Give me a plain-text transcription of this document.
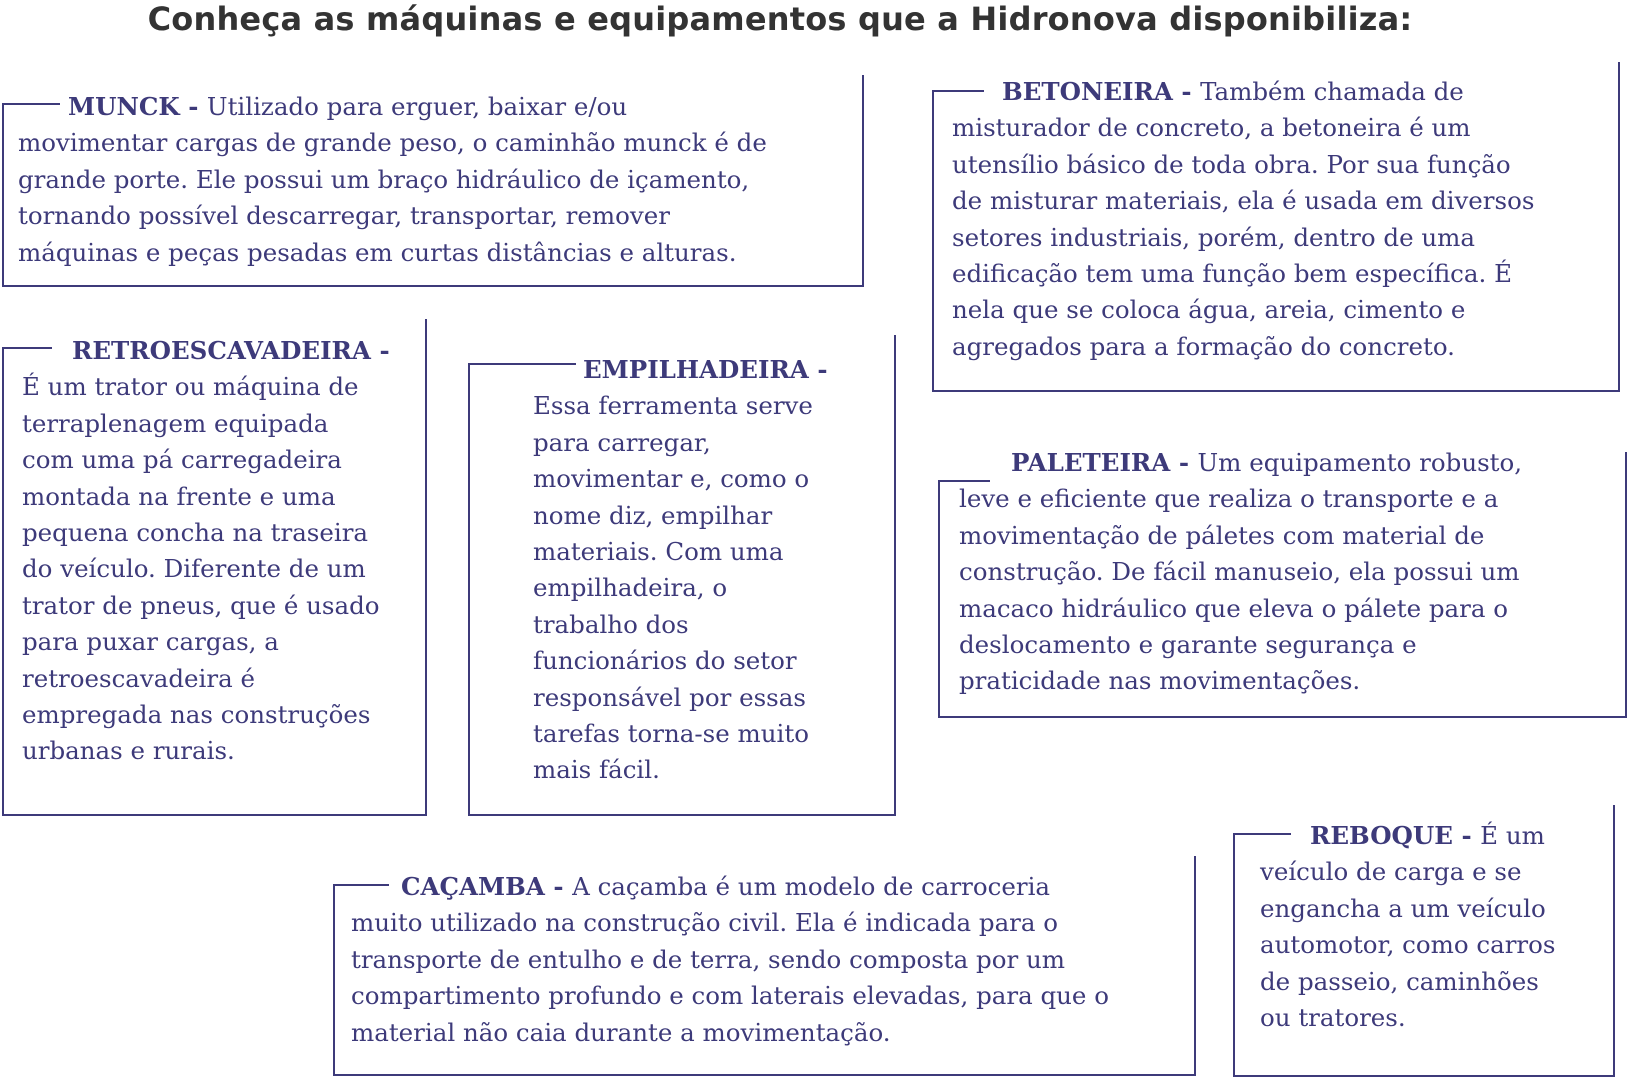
Conheça as máquinas e equipamentos que a Hidronova disponibiliza:
MUNCK - Utilizado para erguer, baixar e/ou
movimentar cargas de grande peso, o caminhão munck é de
grande porte. Ele possui um braço hidráulico de içamento,
tornando possível descarregar, transportar, remover
máquinas e peças pesadas em curtas distâncias e alturas.
BETONEIRA - Também chamada de
misturador de concreto, a betoneira é um
utensílio básico de toda obra. Por sua função
de misturar materiais, ela é usada em diversos
setores industriais, porém, dentro de uma
edificação tem uma função bem específica. É
nela que se coloca água, areia, cimento e
agregados para a formação do concreto.
RETROESCAVADEIRA -
É um trator ou máquina de
terraplenagem equipada
com uma pá carregadeira
montada na frente e uma
pequena concha na traseira
do veículo. Diferente de um
trator de pneus, que é usado
para puxar cargas, a
retroescavadeira é
empregada nas construções
urbanas e rurais.
EMPILHADEIRA -
Essa ferramenta serve
para carregar,
movimentar e, como o
nome diz, empilhar
materiais. Com uma
empilhadeira, o
trabalho dos
funcionários do setor
responsável por essas
tarefas torna-se muito
mais fácil.
PALETEIRA - Um equipamento robusto,
leve e eficiente que realiza o transporte e a
movimentação de páletes com material de
construção. De fácil manuseio, ela possui um
macaco hidráulico que eleva o pálete para o
deslocamento e garante segurança e
praticidade nas movimentações.
CAÇAMBA - A caçamba é um modelo de carroceria
muito utilizado na construção civil. Ela é indicada para o
transporte de entulho e de terra, sendo composta por um
compartimento profundo e com laterais elevadas, para que o
material não caia durante a movimentação.
REBOQUE - É um
veículo de carga e se
enganchа a um veículo
automotor, como carros
de passeio, caminhões
ou tratores.
